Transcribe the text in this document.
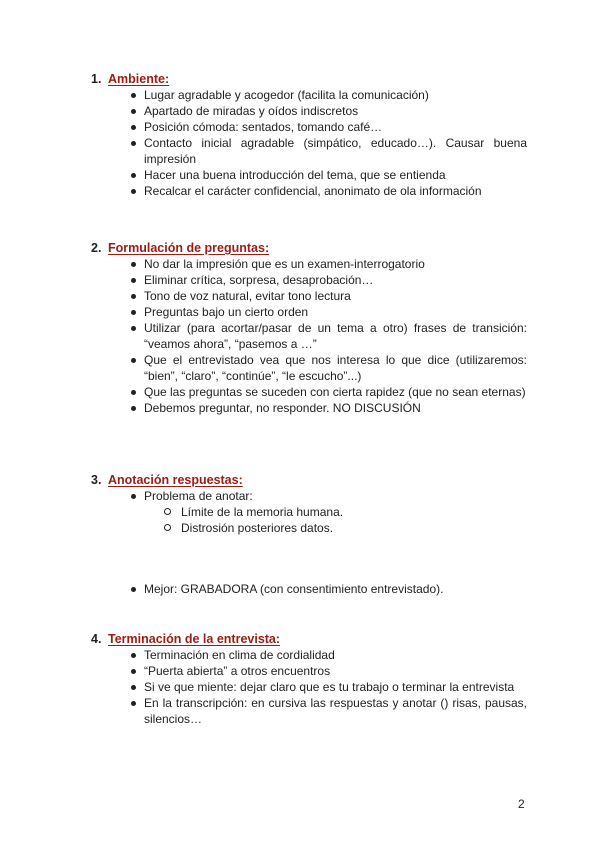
1. Ambiente:
Lugar agradable y acogedor (facilita la comunicación)
Apartado de miradas y oídos indiscretos
Posición cómoda: sentados, tomando café…
Contacto inicial agradable (simpático, educado…). Causar buena impresión
Hacer una buena introducción del tema, que se entienda
Recalcar el carácter confidencial, anonimato de ola información
2. Formulación de preguntas:
No dar la impresión que es un examen-interrogatorio
Eliminar crítica, sorpresa, desaprobación…
Tono de voz natural, evitar tono lectura
Preguntas bajo un cierto orden
Utilizar (para acortar/pasar de un tema a otro) frases de transición: “veamos ahora”, “pasemos a …”
Que el entrevistado vea que nos interesa lo que dice (utilizaremos: “bien”, “claro”, “continúe”, “le escucho”...)
Que las preguntas se suceden con cierta rapidez (que no sean eternas)
Debemos preguntar, no responder. NO DISCUSIÓN
3. Anotación respuestas:
Problema de anotar:
Límite de la memoria humana.
Distrosión posteriores datos.
Mejor: GRABADORA (con consentimiento entrevistado).
4. Terminación de la entrevista:
Terminación en clima de cordialidad
“Puerta abierta” a otros encuentros
Si ve que miente: dejar claro que es tu trabajo o terminar la entrevista
En la transcripción: en cursiva las respuestas y anotar () risas, pausas, silencios…
2
